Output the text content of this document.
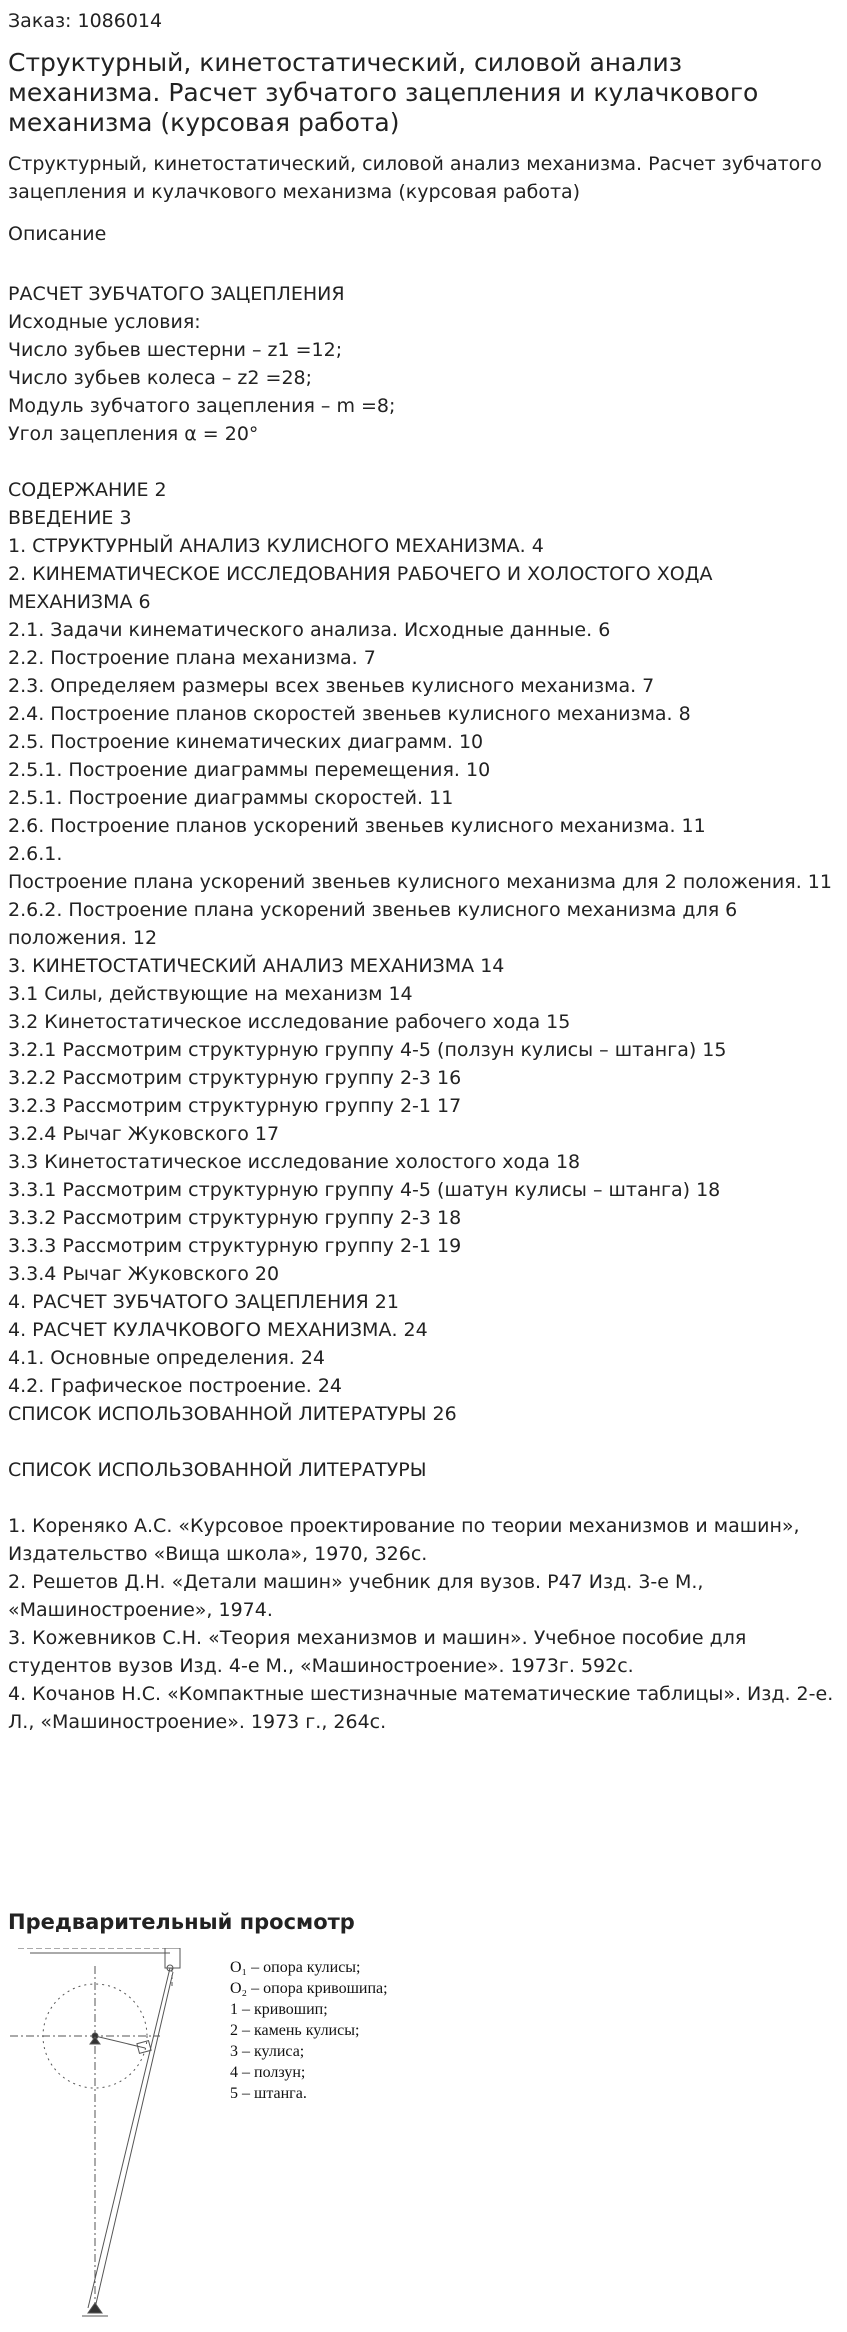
Заказ: 1086014
Структурный, кинетостатический, силовой анализ механизма. Расчет зубчатого зацепления и кулачкового механизма (курсовая работа)
Структурный, кинетостатический, силовой анализ механизма. Расчет зубчатого зацепления и кулачкового механизма (курсовая работа)
Описание
РАСЧЕТ ЗУБЧАТОГО ЗАЦЕПЛЕНИЯ
Исходные условия:
Число зубьев шестерни – z1 =12;
Число зубьев колеса – z2 =28;
Модуль зубчатого зацепления – m =8;
Угол зацепления α = 20°
СОДЕРЖАНИЕ 2
ВВЕДЕНИЕ 3
1. СТРУКТУРНЫЙ АНАЛИЗ КУЛИСНОГО МЕХАНИЗМА. 4
2. КИНЕМАТИЧЕСКОЕ ИССЛЕДОВАНИЯ РАБОЧЕГО И ХОЛОСТОГО ХОДА
МЕХАНИЗМА 6
2.1. Задачи кинематического анализа. Исходные данные. 6
2.2. Построение плана механизма. 7
2.3. Определяем размеры всех звеньев кулисного механизма. 7
2.4. Построение планов скоростей звеньев кулисного механизма. 8
2.5. Построение кинематических диаграмм. 10
2.5.1. Построение диаграммы перемещения. 10
2.5.1. Построение диаграммы скоростей. 11
2.6. Построение планов ускорений звеньев кулисного механизма. 11
2.6.1.
Построение плана ускорений звеньев кулисного механизма для 2 положения. 11
2.6.2. Построение плана ускорений звеньев кулисного механизма для 6
положения. 12
3. КИНЕТОСТАТИЧЕСКИЙ АНАЛИЗ МЕХАНИЗМА 14
3.1 Силы, действующие на механизм 14
3.2 Кинетостатическое исследование рабочего хода 15
3.2.1 Рассмотрим структурную группу 4-5 (ползун кулисы – штанга) 15
3.2.2 Рассмотрим структурную группу 2-3 16
3.2.3 Рассмотрим структурную группу 2-1 17
3.2.4 Рычаг Жуковского 17
3.3 Кинетостатическое исследование холостого хода 18
3.3.1 Рассмотрим структурную группу 4-5 (шатун кулисы – штанга) 18
3.3.2 Рассмотрим структурную группу 2-3 18
3.3.3 Рассмотрим структурную группу 2-1 19
3.3.4 Рычаг Жуковского 20
4. РАСЧЕТ ЗУБЧАТОГО ЗАЦЕПЛЕНИЯ 21
4. РАСЧЕТ КУЛАЧКОВОГО МЕХАНИЗМА. 24
4.1. Основные определения. 24
4.2. Графическое построение. 24
СПИСОК ИСПОЛЬЗОВАННОЙ ЛИТЕРАТУРЫ 26
СПИСОК ИСПОЛЬЗОВАННОЙ ЛИТЕРАТУРЫ
1. Кореняко А.С. «Курсовое проектирование по теории механизмов и машин», Издательство «Вища школа», 1970, 326с.
2. Решетов Д.Н. «Детали машин» учебник для вузов. Р47 Изд. 3-е М., «Машиностроение», 1974.
3. Кожевников С.Н. «Теория механизмов и машин». Учебное пособие для студентов вузов Изд. 4-е М., «Машиностроение». 1973г. 592с.
4. Кочанов Н.С. «Компактные шестизначные математические таблицы». Изд. 2-е. Л., «Машиностроение». 1973 г., 264с.
Предварительный просмотр
O₁ – опора кулисы;
O₂ – опора кривошипа;
1 – кривошип;
2 – камень кулисы;
3 – кулиса;
4 – ползун;
5 – штанга.
